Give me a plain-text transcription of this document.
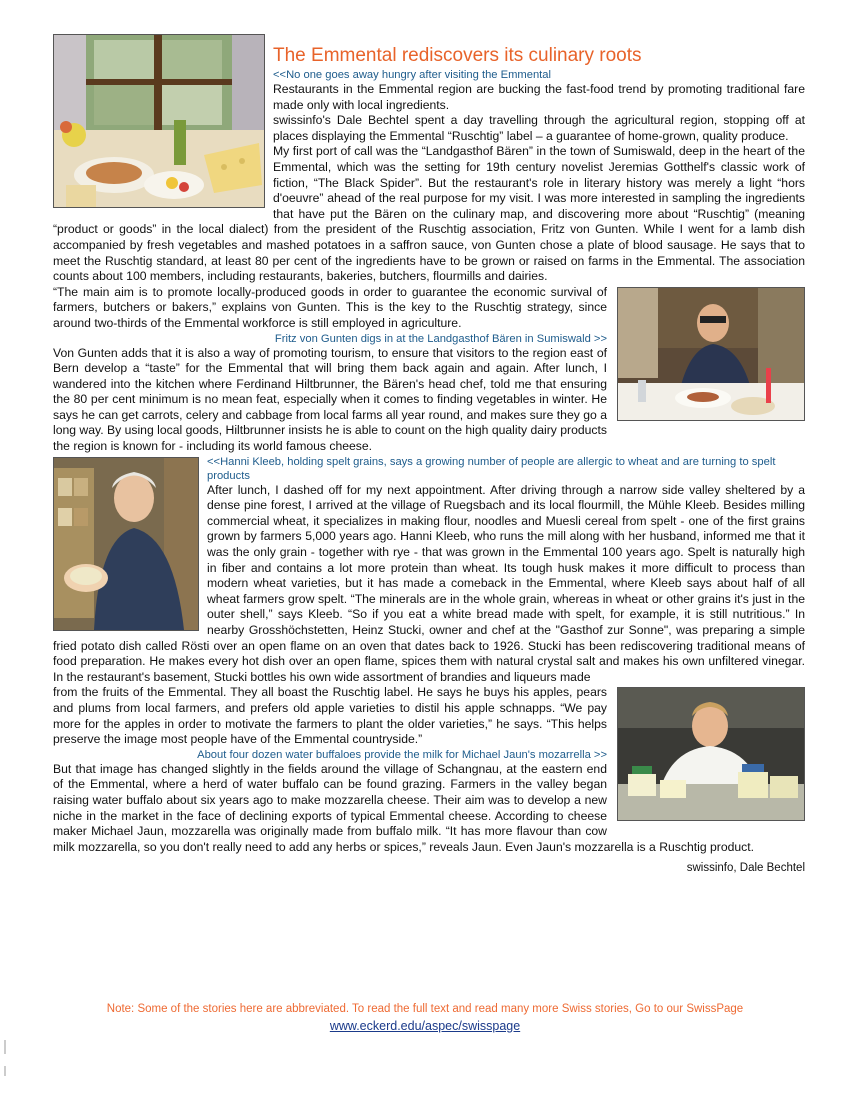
The Emmental rediscovers its culinary roots
<<No one goes away hungry after visiting the Emmental

Restaurants in the Emmental region are bucking the fast-food trend by promoting traditional fare made only with local ingredients.

swissinfo's Dale Bechtel spent a day travelling through the agricultural region, stopping off at places displaying the Emmental “Ruschtig” label – a guarantee of home-grown, quality produce.

My first port of call was the “Landgasthof Bären” in the town of Sumiswald, deep in the heart of the Emmental, which was the setting for 19th century novelist Jeremias Gotthelf's classic work of fiction, “The Black Spider”. But the restaurant's role in literary history was merely a light “hors d'oeuvre” ahead of the real purpose for my visit. I was more interested in sampling the ingredients that have put the Bären on the culinary map, and discovering more about “Ruschtig” (meaning “product or goods” in the local dialect) from the president of the Ruschtig association, Fritz von Gunten. While I went for a lamb dish accompanied by fresh vegetables and mashed potatoes in a saffron sauce, von Gunten chose a plate of blood sausage. He says that to meet the Ruschtig standard, at least 80 per cent of the ingredients have to be grown or raised on farms in the Emmental. The association counts about 100 members, including restaurants, bakeries, butchers, flourmills and dairies.

“The main aim is to promote locally-produced goods in order to guarantee the economic survival of farmers, butchers or bakers,” explains von Gunten. This is the key to the Ruschtig strategy, since around two-thirds of the Emmental workforce is still employed in agriculture.

Fritz von Gunten digs in at the Landgasthof Bären in Sumiswald >>

Von Gunten adds that it is also a way of promoting tourism, to ensure that visitors to the region east of Bern develop a “taste” for the Emmental that will bring them back again and again. After lunch, I wandered into the kitchen where Ferdinand Hiltbrunner, the Bären's head chef, told me that ensuring the 80 per cent minimum is no mean feat, especially when it comes to finding vegetables in winter. He says he can get carrots, celery and cabbage from local farms all year round, and makes sure they go a long way. By using local goods, Hiltbrunner insists he is able to count on the high quality dairy products the region is known for - including its world famous cheese.

<<Hanni Kleeb, holding spelt grains, says a growing number of people are allergic to wheat and are turning to spelt products

After lunch, I dashed off for my next appointment. After driving through a narrow side valley sheltered by a dense pine forest, I arrived at the village of Ruegsbach and its local flourmill, the Mühle Kleeb. Besides milling commercial wheat, it specializes in making flour, noodles and Muesli cereal from spelt - one of the first grains grown by farmers 5,000 years ago. Hanni Kleeb, who runs the mill along with her husband, informed me that it was the only grain - together with rye - that was grown in the Emmental 100 years ago. Spelt is naturally high in fiber and contains a lot more protein than wheat. Its tough husk makes it more difficult to process than modern wheat varieties, but it has made a comeback in the Emmental, where Kleeb says about half of all wheat farmers grow spelt. “The minerals are in the whole grain, whereas in wheat or other grains it's just in the outer shell,” says Kleeb. “So if you eat a white bread made with spelt, for example, it is still nutritious.” In nearby Grosshöchstetten, Heinz Stucki, owner and chef at the "Gasthof zur Sonne", was preparing a simple fried potato dish called Rösti over an open flame on an oven that dates back to 1926. Stucki has been rediscovering traditional means of food preparation. He makes every hot dish over an open flame, spices them with natural crystal salt and makes his own unfiltered vinegar. In the restaurant's basement, Stucki bottles his own wide assortment of brandies and liqueurs made

from the fruits of the Emmental. They all boast the Ruschtig label. He says he buys his apples, pears and plums from local farmers, and prefers old apple varieties to distil his apple schnapps. “We pay more for the apples in order to motivate the farmers to plant the older varieties,” he says. “This helps preserve the image most people have of the Emmental countryside.”

About four dozen water buffaloes provide the milk for Michael Jaun's mozarrella >>

But that image has changed slightly in the fields around the village of Schangnau, at the eastern end of the Emmental, where a herd of water buffalo can be found grazing. Farmers in the valley began raising water buffalo about six years ago to make mozzarella cheese. Their aim was to develop a new niche in the market in the face of declining exports of typical Emmental cheese. According to cheese maker Michael Jaun, mozzarella was originally made from buffalo milk. “It has more flavour than cow milk mozzarella, so you don't really need to add any herbs or spices,” reveals Jaun. Even Jaun's mozzarella is a Ruschtig product.

swissinfo, Dale Bechtel
Note: Some of the stories here are abbreviated. To read the full text and read many more Swiss stories, Go to our SwissPage
www.eckerd.edu/aspec/swisspage
